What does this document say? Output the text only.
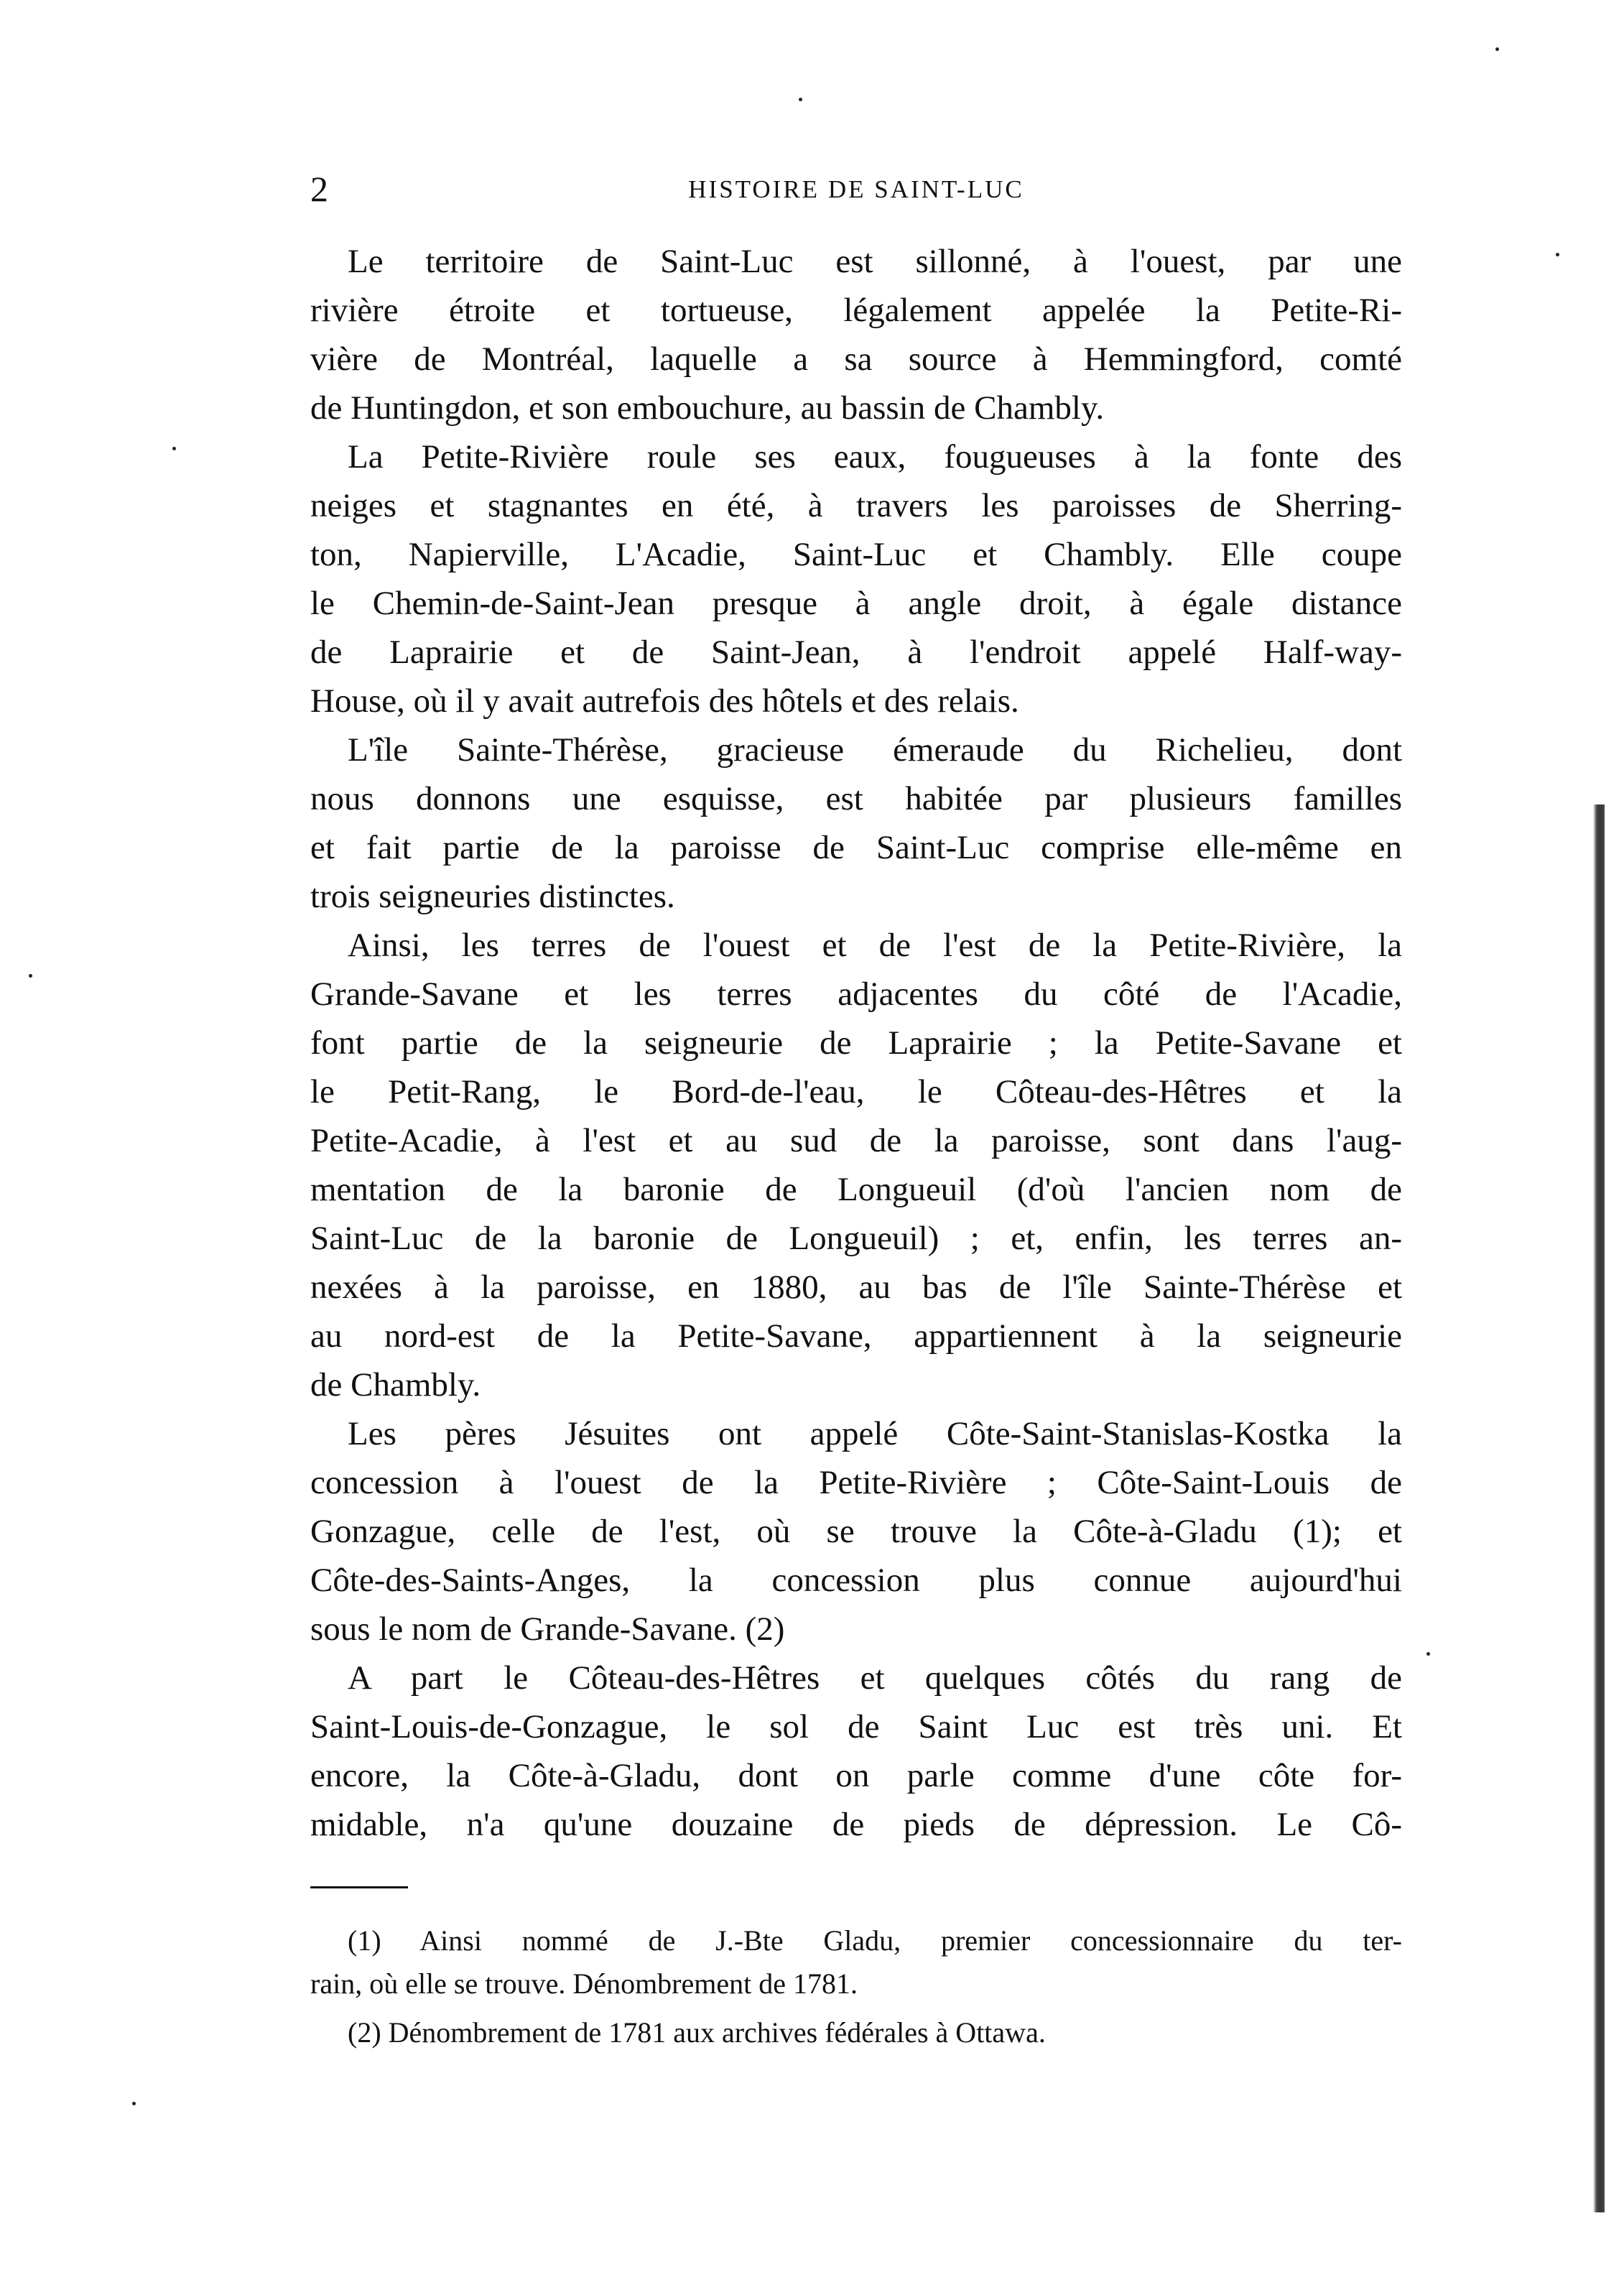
2	HISTOIRE DE SAINT-LUC
Le territoire de Saint-Luc est sillonné, à l'ouest, par une
rivière étroite et tortueuse, légalement appelée la Petite-Ri-
vière de Montréal, laquelle a sa source à Hemmingford, comté
de Huntingdon, et son embouchure, au bassin de Chambly.
La Petite-Rivière roule ses eaux, fougueuses à la fonte des
neiges et stagnantes en été, à travers les paroisses de Sherring-
ton, Napierville, L'Acadie, Saint-Luc et Chambly. Elle coupe
le Chemin-de-Saint-Jean presque à angle droit, à égale distance
de Laprairie et de Saint-Jean, à l'endroit appelé Half-way-
House, où il y avait autrefois des hôtels et des relais.
L'île Sainte-Thérèse, gracieuse émeraude du Richelieu, dont
nous donnons une esquisse, est habitée par plusieurs familles
et fait partie de la paroisse de Saint-Luc comprise elle-même en
trois seigneuries distinctes.
Ainsi, les terres de l'ouest et de l'est de la Petite-Rivière, la
Grande-Savane et les terres adjacentes du côté de l'Acadie,
font partie de la seigneurie de Laprairie ; la Petite-Savane et
le Petit-Rang, le Bord-de-l'eau, le Côteau-des-Hêtres et la
Petite-Acadie, à l'est et au sud de la paroisse, sont dans l'aug-
mentation de la baronie de Longueuil (d'où l'ancien nom de
Saint-Luc de la baronie de Longueuil) ; et, enfin, les terres an-
nexées à la paroisse, en 1880, au bas de l'île Sainte-Thérèse et
au nord-est de la Petite-Savane, appartiennent à la seigneurie
de Chambly.
Les pères Jésuites ont appelé Côte-Saint-Stanislas-Kostka la
concession à l'ouest de la Petite-Rivière ; Côte-Saint-Louis de
Gonzague, celle de l'est, où se trouve la Côte-à-Gladu (1); et
Côte-des-Saints-Anges, la concession plus connue aujourd'hui
sous le nom de Grande-Savane. (2)
A part le Côteau-des-Hêtres et quelques côtés du rang de
Saint-Louis-de-Gonzague, le sol de Saint Luc est très uni. Et
encore, la Côte-à-Gladu, dont on parle comme d'une côte for-
midable, n'a qu'une douzaine de pieds de dépression. Le Cô-
(1) Ainsi nommé de J.-Bte Gladu, premier concessionnaire du ter-
rain, où elle se trouve. Dénombrement de 1781.
(2) Dénombrement de 1781 aux archives fédérales à Ottawa.
